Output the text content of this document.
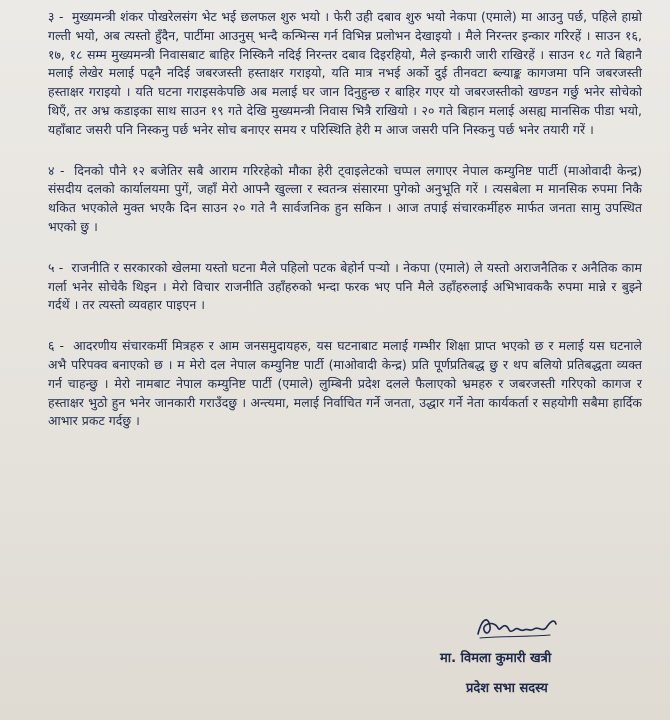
३ - मुख्यमन्त्री शंकर पोखरेलसंग भेट भई छलफल शुरु भयो । फेरी उही दबाव शुरु भयो नेकपा (एमाले) मा आउनु पर्छ, पहिले हाम्रो गल्ती भयो, अब त्यस्तो हुँदैन, पार्टीमा आउनुस् भन्दै कन्भिन्स गर्न विभिन्न प्रलोभन देखाइयो । मैले निरन्तर इन्कार गरिरहें । साउन १६, १७, १८ सम्म मुख्यमन्त्री निवासबाट बाहिर निस्किनै नदिई निरन्तर दबाव दिइरहियो, मैले इन्कारी जारी राखिरहें । साउन १८ गते बिहानै मलाई लेखेर मलाई पढ्नै नदिई जबरजस्ती हस्ताक्षर गराइयो, यति मात्र नभई अर्को दुई तीनवटा ब्ल्याङ्क कागजमा पनि जबरजस्ती हस्ताक्षर गराइयो । यति घटना गराइसकेपछि अब मलाई घर जान दिनुहुन्छ र बाहिर गएर यो जबरजस्तीको खण्डन गर्छु भनेर सोचेको थिएँ, तर अभ्र कडाइका साथ साउन १९ गते देखि मुख्यमन्त्री निवास भित्रै राखियो । २० गते बिहान मलाई असह्य मानसिक पीडा भयो, यहाँबाट जसरी पनि निस्कनु पर्छ भनेर सोच बनाएर समय र परिस्थिति हेरी म आज जसरी पनि निस्कनु पर्छ भनेर तयारी गरें ।

४ - दिनको पौने १२ बजेतिर सबै आराम गरिरहेको मौका हेरी ट्वाइलेटको चप्पल लगाएर नेपाल कम्युनिष्ट पार्टी (माओवादी केन्द्र) संसदीय दलको कार्यालयमा पुगें, जहाँ मेरो आफ्नै खुल्ला र स्वतन्त्र संसारमा पुगेको अनुभूति गरें । त्यसबेला म मानसिक रुपमा निकै थकित भएकोले मुक्त भएकै दिन साउन २० गते नै सार्वजनिक हुन सकिन । आज तपाई संचारकर्मीहरु मार्फत जनता सामु उपस्थित भएको छु ।

५ - राजनीति र सरकारको खेलमा यस्तो घटना मैले पहिलो पटक बेहोर्न पर्‍यो । नेकपा (एमाले) ले यस्तो अराजनैतिक र अनैतिक काम गर्ला भनेर सोचेकै थिइन । मेरो विचार राजनीति उहाँहरुको भन्दा फरक भए पनि मैले उहाँहरुलाई अभिभावककै रुपमा मान्ने र बुझ्ने गर्दथें । तर त्यस्तो व्यवहार पाइएन ।

६ - आदरणीय संचारकर्मी मित्रहरु र आम जनसमुदायहरु, यस घटनाबाट मलाई गम्भीर शिक्षा प्राप्त भएको छ र मलाई यस घटनाले अभै परिपक्व बनाएको छ । म मेरो दल नेपाल कम्युनिष्ट पार्टी (माओवादी केन्द्र) प्रति पूर्णप्रतिबद्ध छु र थप बलियो प्रतिबद्धता व्यक्त गर्न चाहन्छु । मेरो नामबाट नेपाल कम्युनिष्ट पार्टी (एमाले) लुम्बिनी प्रदेश दलले फैलाएको भ्रमहरु र जबरजस्ती गरिएको कागज र हस्ताक्षर भुठो हुन भनेर जानकारी गराउँदछु । अन्त्यमा, मलाई निर्वाचित गर्ने जनता, उद्धार गर्ने नेता कार्यकर्ता र सहयोगी सबैमा हार्दिक आभार प्रकट गर्दछु ।

मा. विमला कुमारी खत्री
प्रदेश सभा सदस्य
